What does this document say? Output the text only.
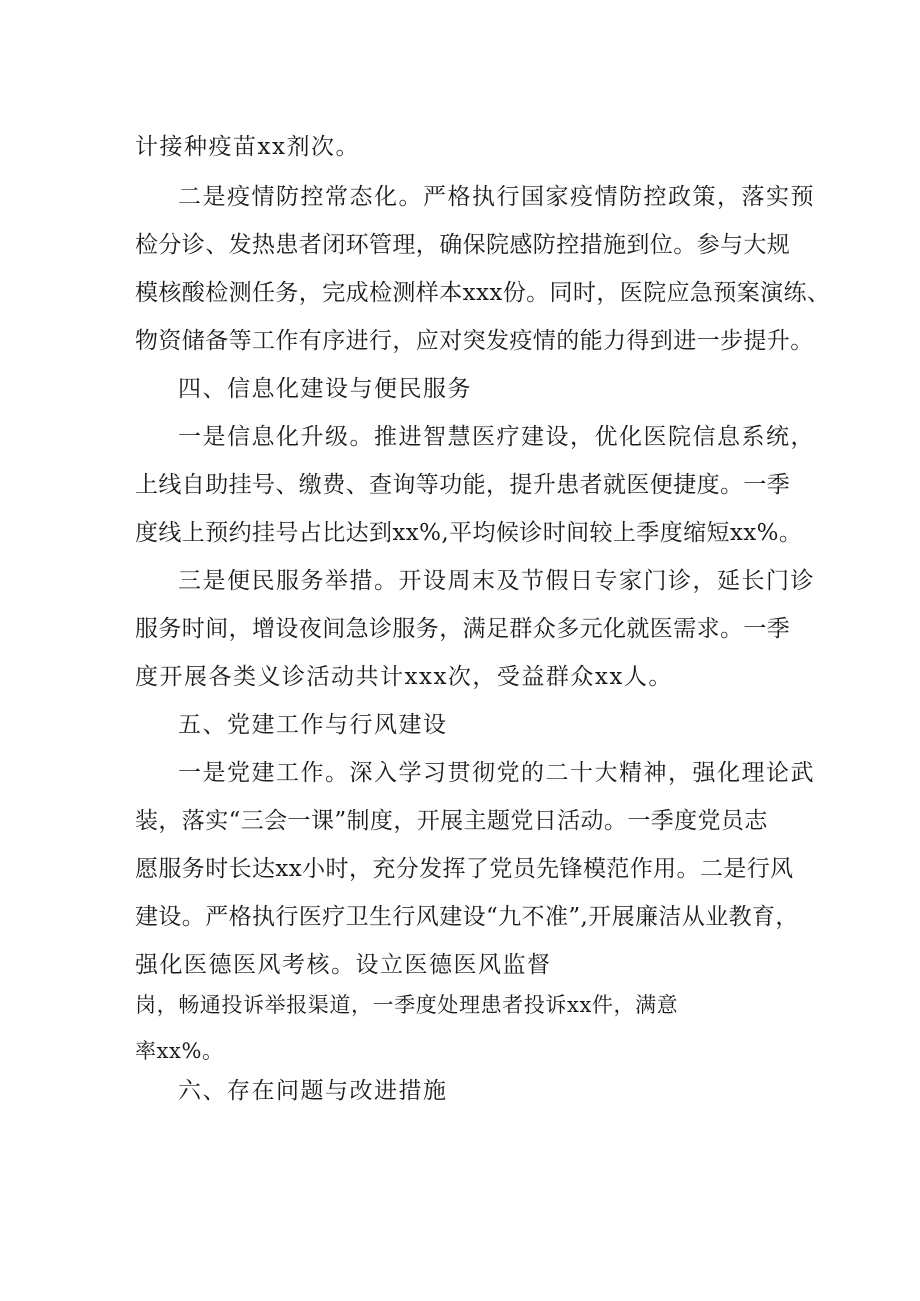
计接种疫苗xx剂次。
二是疫情防控常态化。严格执行国家疫情防控政策，落实预
检分诊、发热患者闭环管理，确保院感防控措施到位。参与大规
模核酸检测任务，完成检测样本xxx份。同时，医院应急预案演练、
物资储备等工作有序进行，应对突发疫情的能力得到进一步提升。
四、信息化建设与便民服务
一是信息化升级。推进智慧医疗建设，优化医院信息系统，
上线自助挂号、缴费、查询等功能，提升患者就医便捷度。一季
度线上预约挂号占比达到xx%,平均候诊时间较上季度缩短xx%。
三是便民服务举措。开设周末及节假日专家门诊，延长门诊
服务时间，增设夜间急诊服务，满足群众多元化就医需求。一季
度开展各类义诊活动共计xxx次，受益群众xx人。
五、党建工作与行风建设
一是党建工作。深入学习贯彻党的二十大精神，强化理论武
装，落实“三会一课”制度，开展主题党日活动。一季度党员志
愿服务时长达xx小时，充分发挥了党员先锋模范作用。二是行风
建设。严格执行医疗卫生行风建设“九不准”,开展廉洁从业教育，
强化医德医风考核。设立医德医风监督
岗，畅通投诉举报渠道，一季度处理患者投诉xx件，满意
率xx%。
六、存在问题与改进措施
